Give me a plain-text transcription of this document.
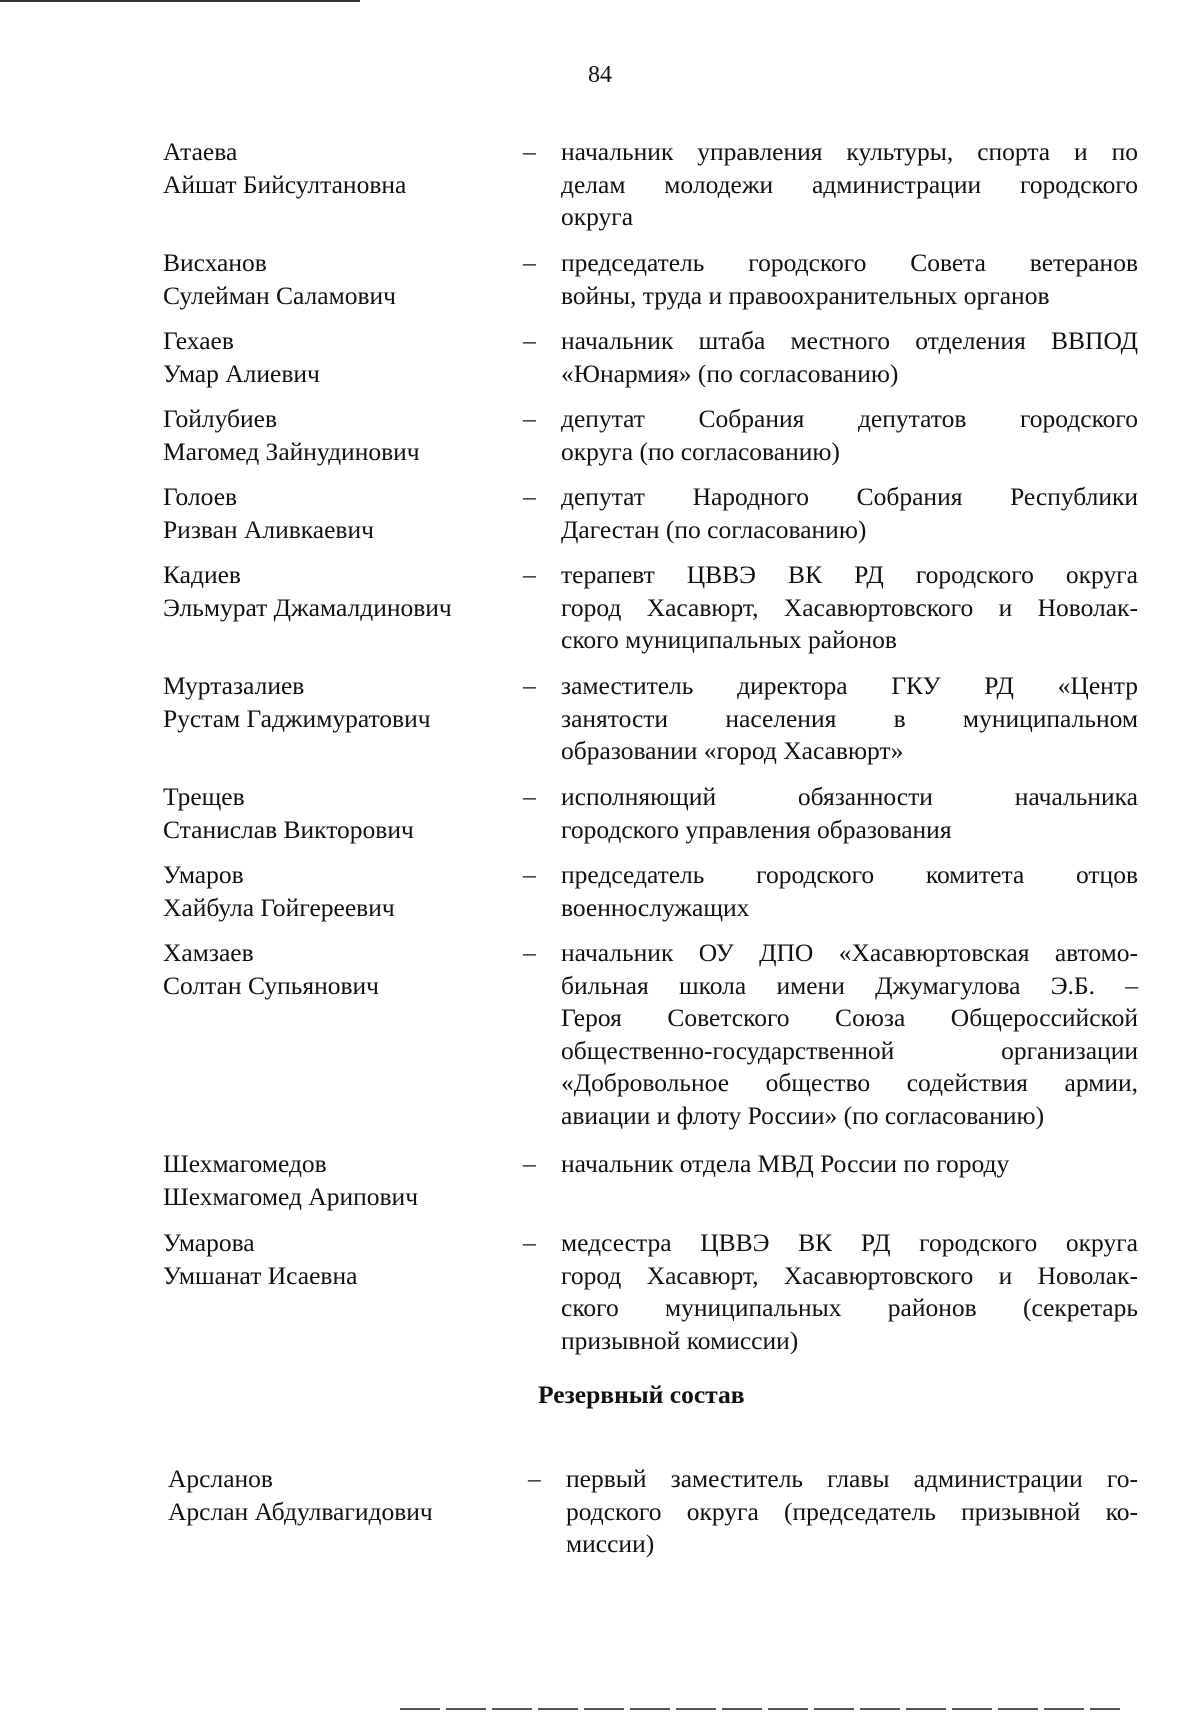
84
Атаева
Айшат Бийсултановна
– начальник управления культуры, спорта и по
делам молодежи администрации городского
округа
Висханов
Сулейман Саламович
– председатель городского Совета ветеранов
войны, труда и правоохранительных органов
Гехаев
Умар Алиевич
– начальник штаба местного отделения ВВПОД
«Юнармия» (по согласованию)
Гойлубиев
Магомед Зайнудинович
– депутат Собрания депутатов городского
округа (по согласованию)
Голоев
Ризван Аливкаевич
– депутат Народного Собрания Республики
Дагестан (по согласованию)
Кадиев
Эльмурат Джамалдинович
– терапевт ЦВВЭ ВК РД городского округа
город Хасавюрт, Хасавюртовского и Новолак-
ского муниципальных районов
Муртазалиев
Рустам Гаджимуратович
– заместитель директора ГКУ РД «Центр
занятости населения в муниципальном
образовании «город Хасавюрт»
Трещев
Станислав Викторович
– исполняющий обязанности начальника
городского управления образования
Умаров
Хайбула Гойгереевич
– председатель городского комитета отцов
военнослужащих
Хамзаев
Солтан Супьянович
– начальник ОУ ДПО «Хасавюртовская автомо-
бильная школа имени Джумагулова Э.Б. –
Героя Советского Союза Общероссийской
общественно-государственной организации
«Добровольное общество содействия армии,
авиации и флоту России» (по согласованию)
Шехмагомедов
Шехмагомед Арипович
– начальник отдела МВД России по городу
Умарова
Умшанат Исаевна
– медсестра ЦВВЭ ВК РД городского округа
город Хасавюрт, Хасавюртовского и Новолак-
ского муниципальных районов (секретарь
призывной комиссии)
Резервный состав
Арсланов
Арслан Абдулвагидович
– первый заместитель главы администрации го-
родского округа (председатель призывной ко-
миссии)
